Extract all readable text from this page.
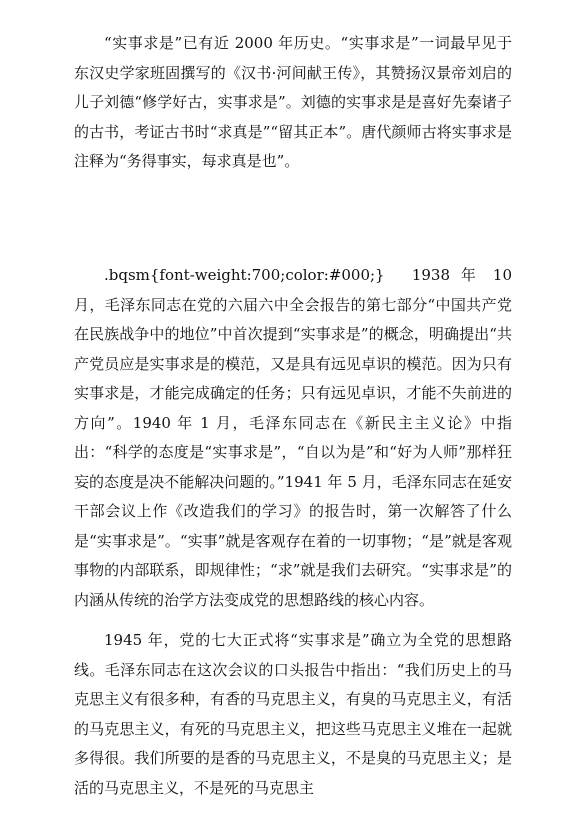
“实事求是”已有近 2000 年历史。“实事求是”一词最早见于东汉史学家班固撰写的《汉书·河间献王传》，其赞扬汉景帝刘启的儿子刘德“修学好古，实事求是”。刘德的实事求是是喜好先秦诸子的古书，考证古书时“求真是”“留其正本”。唐代颜师古将实事求是注释为“务得事实，每求真是也”。

.bqsm{font-weight:700;color:#000;}　1938 年 10 月，毛泽东同志在党的六届六中全会报告的第七部分“中国共产党在民族战争中的地位”中首次提到“实事求是”的概念，明确提出“共产党员应是实事求是的模范，又是具有远见卓识的模范。因为只有实事求是，才能完成确定的任务；只有远见卓识，才能不失前进的方向”。1940 年 1 月，毛泽东同志在《新民主主义论》中指出：“科学的态度是“实事求是”，“自以为是”和“好为人师”那样狂妄的态度是决不能解决问题的。”1941 年 5 月，毛泽东同志在延安干部会议上作《改造我们的学习》的报告时，第一次解答了什么是“实事求是”。“实事”就是客观存在着的一切事物；“是”就是客观事物的内部联系，即规律性；“求”就是我们去研究。“实事求是”的内涵从传统的治学方法变成党的思想路线的核心内容。

1945 年，党的七大正式将“实事求是”确立为全党的思想路线。毛泽东同志在这次会议的口头报告中指出：“我们历史上的马克思主义有很多种，有香的马克思主义，有臭的马克思主义，有活的马克思主义，有死的马克思主义，把这些马克思主义堆在一起就多得很。我们所要的是香的马克思主义，不是臭的马克思主义；是活的马克思主义，不是死的马克思主
